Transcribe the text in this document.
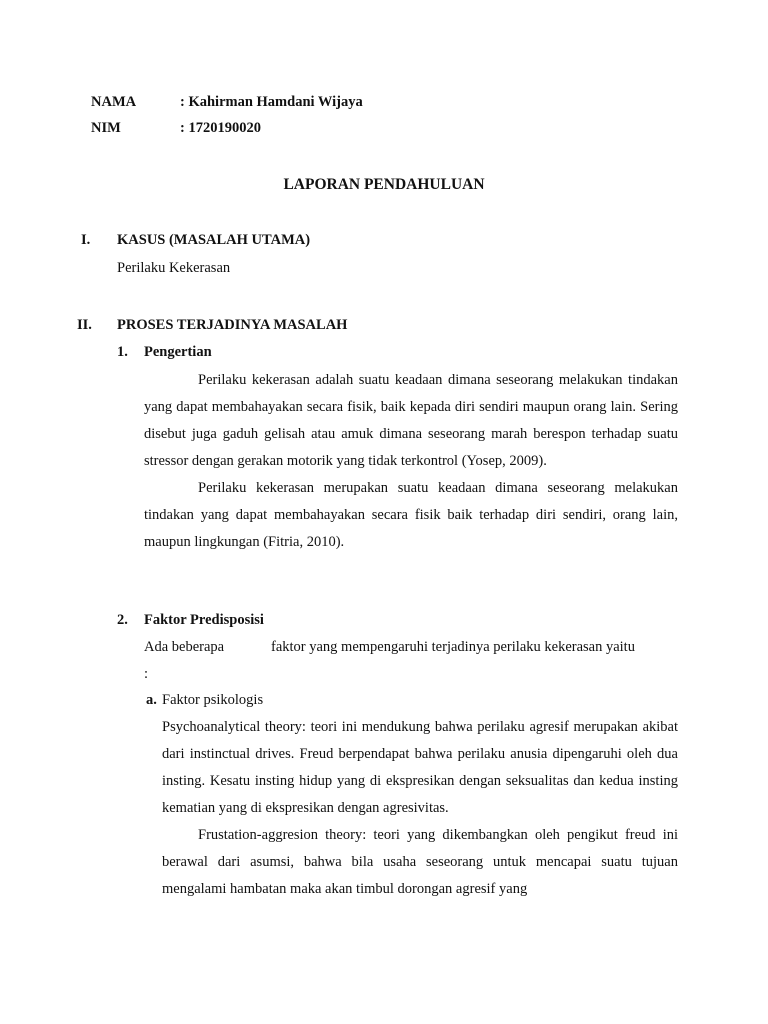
NAMA	: Kahirman Hamdani Wijaya
NIM	: 1720190020
LAPORAN PENDAHULUAN
I. KASUS (MASALAH UTAMA)
Perilaku Kekerasan
II. PROSES TERJADINYA MASALAH
1. Pengertian

Perilaku kekerasan adalah suatu keadaan dimana seseorang melakukan tindakan yang dapat membahayakan secara fisik, baik kepada diri sendiri maupun orang lain. Sering disebut juga gaduh gelisah atau amuk dimana seseorang marah berespon terhadap suatu stressor dengan gerakan motorik yang tidak terkontrol (Yosep, 2009).

Perilaku kekerasan merupakan suatu keadaan dimana seseorang melakukan tindakan yang dapat membahayakan secara fisik baik terhadap diri sendiri, orang lain, maupun lingkungan (Fitria, 2010).

2. Faktor Predisposisi
Ada beberapa	faktor yang mempengaruhi terjadinya perilaku kekerasan yaitu
:
a. Faktor psikologis

Psychoanalytical theory: teori ini mendukung bahwa perilaku agresif merupakan akibat dari instinctual drives. Freud berpendapat bahwa perilaku anusia dipengaruhi oleh dua insting. Kesatu insting hidup yang di ekspresikan dengan seksualitas dan kedua insting kematian yang di ekspresikan dengan agresivitas.

Frustation-aggresion theory: teori yang dikembangkan oleh pengikut freud ini berawal dari asumsi, bahwa bila usaha seseorang untuk mencapai suatu tujuan mengalami hambatan maka akan timbul dorongan agresif yang
